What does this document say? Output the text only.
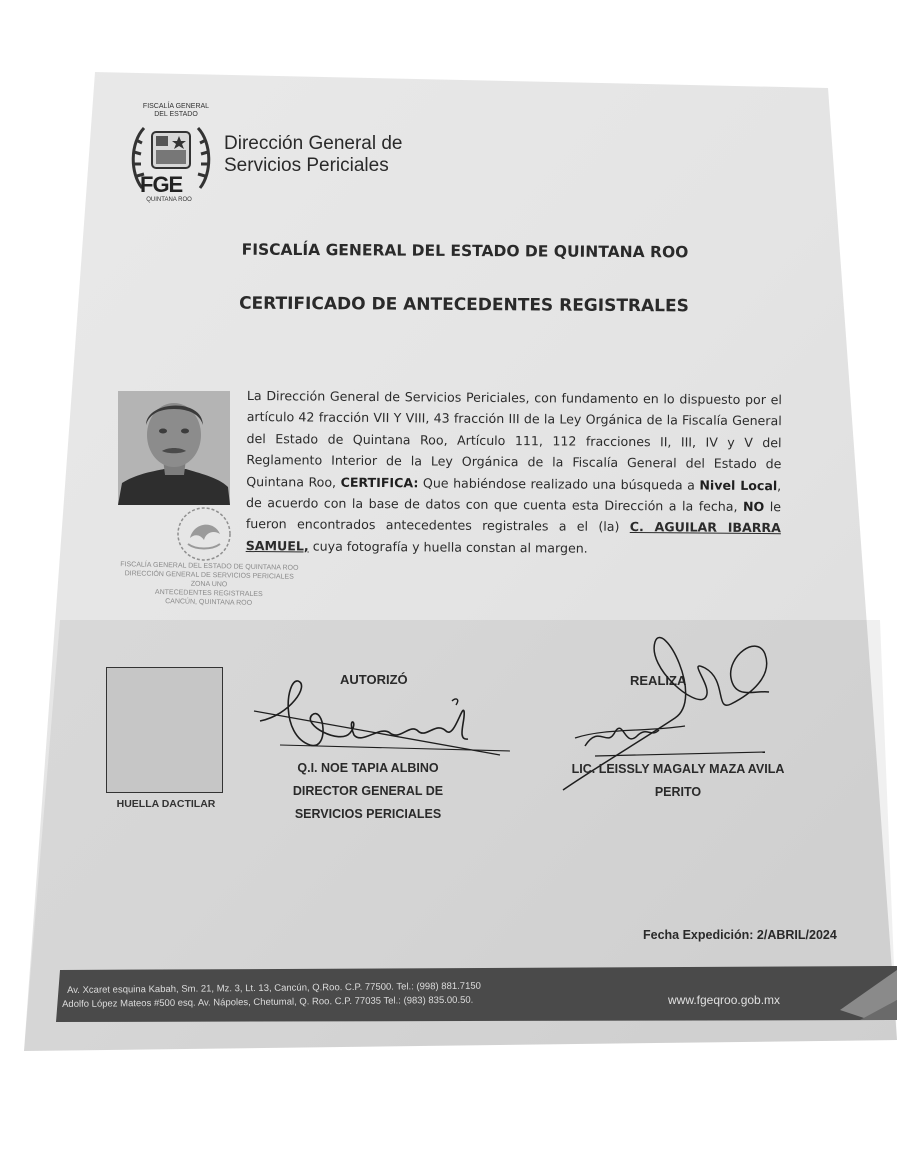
FISCALÍA GENERAL DEL ESTADO
FGE
QUINTANA ROO
Dirección General de
Servicios Periciales
FISCALÍA GENERAL DEL ESTADO DE QUINTANA ROO
CERTIFICADO DE ANTECEDENTES REGISTRALES
La Dirección General de Servicios Periciales, con fundamento en lo dispuesto por el artículo 42 fracción VII Y VIII, 43 fracción III de la Ley Orgánica de la Fiscalía General del Estado de Quintana Roo, Artículo 111, 112 fracciones II, III, IV y V del Reglamento Interior de la Ley Orgánica de la Fiscalía General del Estado de Quintana Roo, CERTIFICA: Que habiéndose realizado una búsqueda a Nivel Local, de acuerdo con la base de datos con que cuenta esta Dirección a la fecha, NO le fueron encontrados antecedentes registrales a el (la) C. AGUILAR IBARRA SAMUEL, cuya fotografía y huella constan al margen.
FISCALÍA GENERAL DEL ESTADO DE QUINTANA ROO
DIRECCIÓN GENERAL DE SERVICIOS PERICIALES
ZONA UNO
ANTECEDENTES REGISTRALES
CANCÚN, QUINTANA ROO
HUELLA DACTILAR
AUTORIZÓ
Q.I. NOE TAPIA ALBINO
DIRECTOR GENERAL DE
SERVICIOS PERICIALES
REALIZA
LIC. LEISSLY MAGALY MAZA AVILA
PERITO
Fecha Expedición: 2/ABRIL/2024
Av. Xcaret esquina Kabah, Sm. 21, Mz. 3, Lt. 13, Cancún, Q.Roo. C.P. 77500. Tel.: (998) 881.7150
Adolfo López Mateos #500 esq. Av. Nápoles, Chetumal, Q. Roo. C.P. 77035 Tel.: (983) 835.00.50.	www.fgeqroo.gob.mx
